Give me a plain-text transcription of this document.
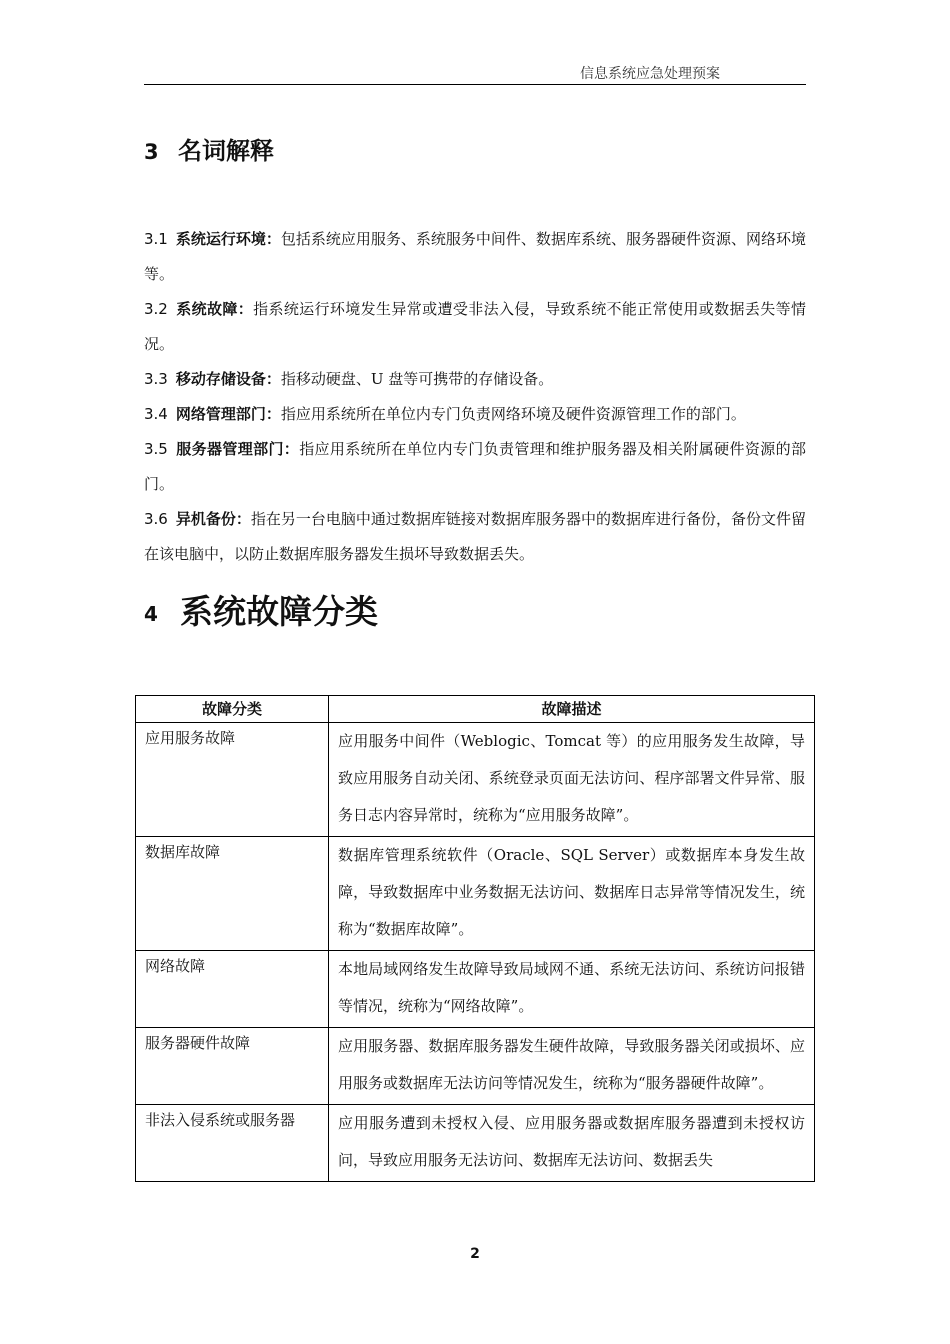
信息系统应急处理预案
3 名词解释

3.1 系统运行环境：包括系统应用服务、系统服务中间件、数据库系统、服务器硬件资源、网络环境等。

3.2 系统故障：指系统运行环境发生异常或遭受非法入侵，导致系统不能正常使用或数据丢失等情况。

3.3 移动存储设备：指移动硬盘、U 盘等可携带的存储设备。

3.4 网络管理部门：指应用系统所在单位内专门负责网络环境及硬件资源管理工作的部门。

3.5 服务器管理部门：指应用系统所在单位内专门负责管理和维护服务器及相关附属硬件资源的部门。

3.6 异机备份：指在另一台电脑中通过数据库链接对数据库服务器中的数据库进行备份，备份文件留在该电脑中，以防止数据库服务器发生损坏导致数据丢失。

4 系统故障分类
故障分类	故障描述
应用服务故障	应用服务中间件（Weblogic、Tomcat 等）的应用服务发生故障，导致应用服务自动关闭、系统登录页面无法访问、程序部署文件异常、服务日志内容异常时，统称为“应用服务故障”。
数据库故障	数据库管理系统软件（Oracle、SQL Server）或数据库本身发生故障，导致数据库中业务数据无法访问、数据库日志异常等情况发生，统称为“数据库故障”。
网络故障	本地局域网络发生故障导致局域网不通、系统无法访问、系统访问报错等情况，统称为“网络故障”。
服务器硬件故障	应用服务器、数据库服务器发生硬件故障，导致服务器关闭或损坏、应用服务或数据库无法访问等情况发生，统称为“服务器硬件故障”。
非法入侵系统或服务器	应用服务遭到未授权入侵、应用服务器或数据库服务器遭到未授权访问，导致应用服务无法访问、数据库无法访问、数据丢失
2
